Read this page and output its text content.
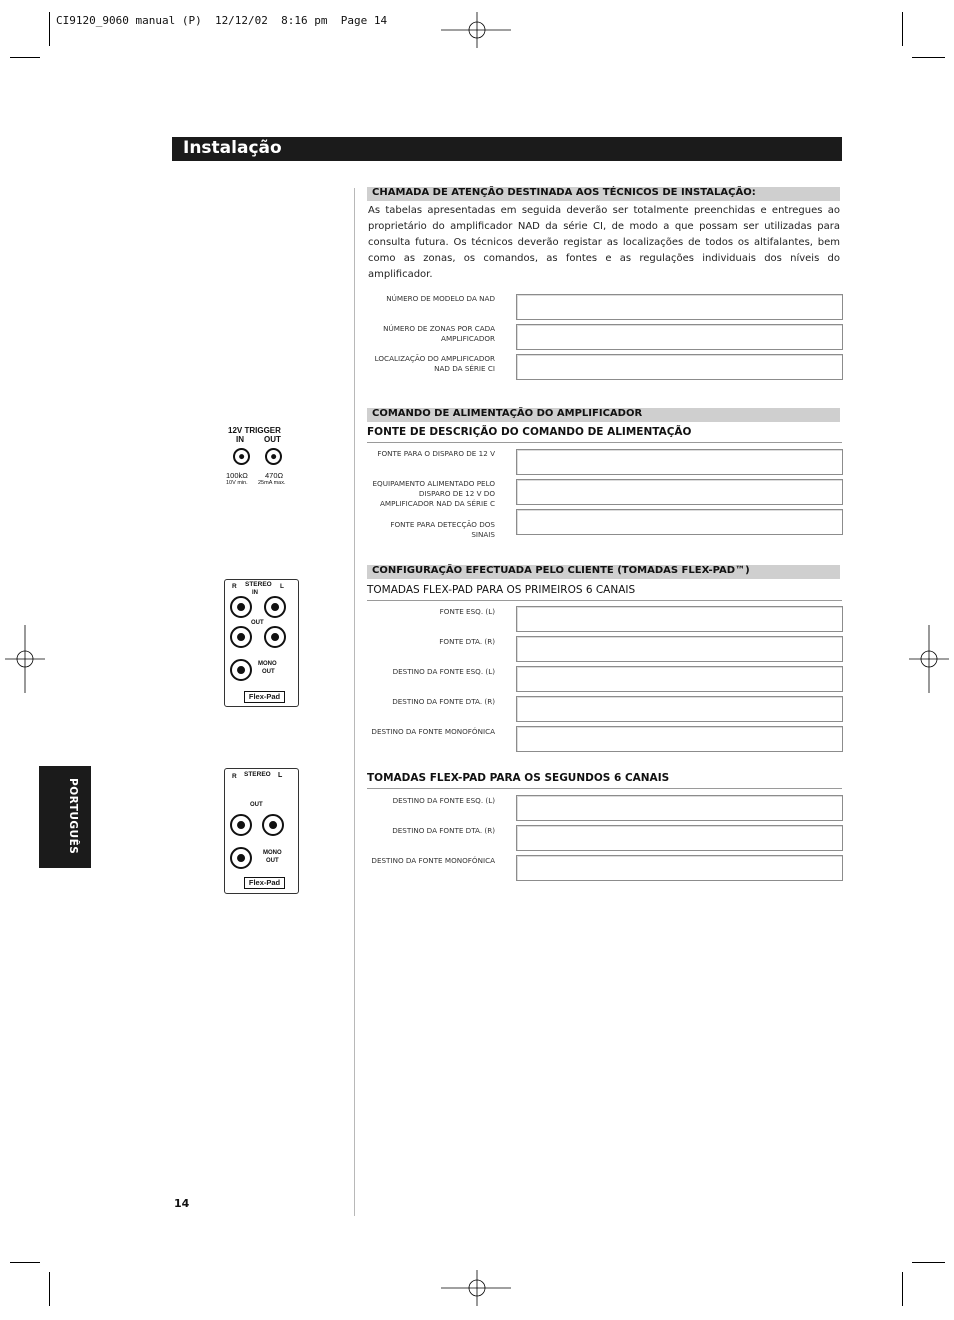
CI9120_9060 manual (P)  12/12/02  8:16 pm  Page 14
Instalação
PORTUGUÊS
14
CHAMADA DE ATENÇÃO DESTINADA AOS TÉCNICOS DE INSTALAÇÃO:
As tabelas apresentadas em seguida deverão ser totalmente preenchidas e entregues ao proprietário do amplificador NAD da série CI, de modo a que possam ser utilizadas para consulta futura. Os técnicos deverão registar as localizações de todos os altifalantes, bem como as zonas, os comandos, as fontes e as regulações individuais dos níveis do amplificador.
NÚMERO DE MODELO DA NAD
NÚMERO DE ZONAS POR CADA AMPLIFICADOR
LOCALIZAÇÃO DO AMPLIFICADOR NAD DA SÉRIE CI
COMANDO DE ALIMENTAÇÃO DO AMPLIFICADOR
FONTE DE DESCRIÇÃO DO COMANDO DE ALIMENTAÇÃO
FONTE PARA O DISPARO DE 12 V
EQUIPAMENTO ALIMENTADO PELO DISPARO DE 12 V DO AMPLIFICADOR NAD DA SÉRIE C
FONTE PARA DETECÇÃO DOS SINAIS
CONFIGURAÇÃO EFECTUADA PELO CLIENTE (TOMADAS FLEX-PAD™)
TOMADAS FLEX-PAD PARA OS PRIMEIROS 6 CANAIS
FONTE ESQ. (L)
FONTE DTA. (R)
DESTINO DA FONTE ESQ. (L)
DESTINO DA FONTE DTA. (R)
DESTINO DA FONTE MONOFÓNICA
TOMADAS FLEX-PAD PARA OS SEGUNDOS 6 CANAIS
DESTINO DA FONTE ESQ. (L)
DESTINO DA FONTE DTA. (R)
DESTINO DA FONTE MONOFÓNICA
12V TRIGGER
IN	OUT
100kΩ 470Ω
10V min. 25mA max.
R STEREO L
IN
OUT
MONO
OUT
Flex-Pad
R STEREO L
OUT
MONO
OUT
Flex-Pad
